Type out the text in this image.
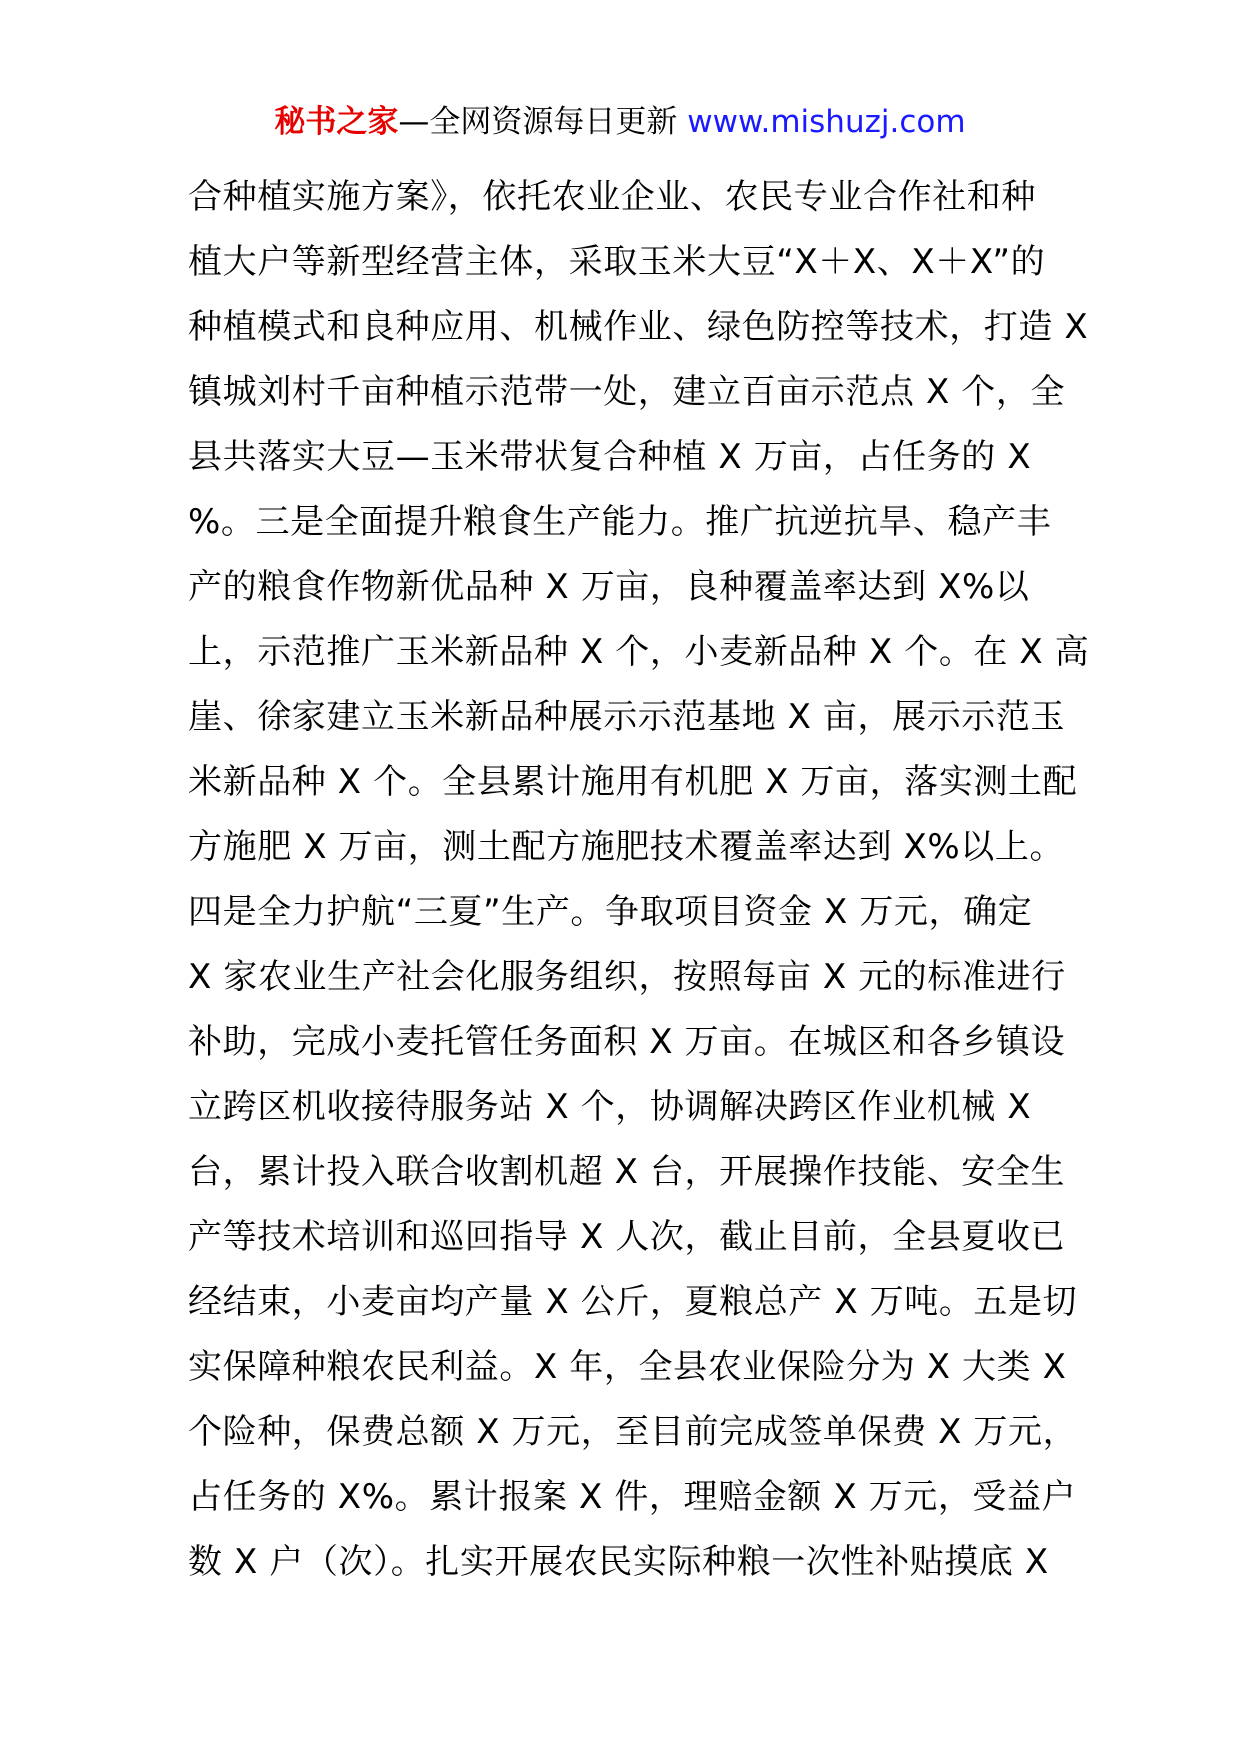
秘书之家—全网资源每日更新 www.mishuzj.com
合种植实施方案》，依托农业企业、农民专业合作社和种
植大户等新型经营主体，采取玉米大豆“X＋X、X＋X”的
种植模式和良种应用、机械作业、绿色防控等技术，打造 X
镇城刘村千亩种植示范带一处，建立百亩示范点 X 个，全
县共落实大豆—玉米带状复合种植 X 万亩，占任务的 X
%。三是全面提升粮食生产能力。推广抗逆抗旱、稳产丰
产的粮食作物新优品种 X 万亩，良种覆盖率达到 X%以
上，示范推广玉米新品种 X 个，小麦新品种 X 个。在 X 高
崖、徐家建立玉米新品种展示示范基地 X 亩，展示示范玉
米新品种 X 个。全县累计施用有机肥 X 万亩，落实测土配
方施肥 X 万亩，测土配方施肥技术覆盖率达到 X%以上。
四是全力护航“三夏”生产。争取项目资金 X 万元，确定
X 家农业生产社会化服务组织，按照每亩 X 元的标准进行
补助，完成小麦托管任务面积 X 万亩。在城区和各乡镇设
立跨区机收接待服务站 X 个，协调解决跨区作业机械 X
台，累计投入联合收割机超 X 台，开展操作技能、安全生
产等技术培训和巡回指导 X 人次，截止目前，全县夏收已
经结束，小麦亩均产量 X 公斤，夏粮总产 X 万吨。五是切
实保障种粮农民利益。X 年，全县农业保险分为 X 大类 X
个险种，保费总额 X 万元，至目前完成签单保费 X 万元，
占任务的 X%。累计报案 X 件，理赔金额 X 万元，受益户
数 X 户（次）。扎实开展农民实际种粮一次性补贴摸底 X
